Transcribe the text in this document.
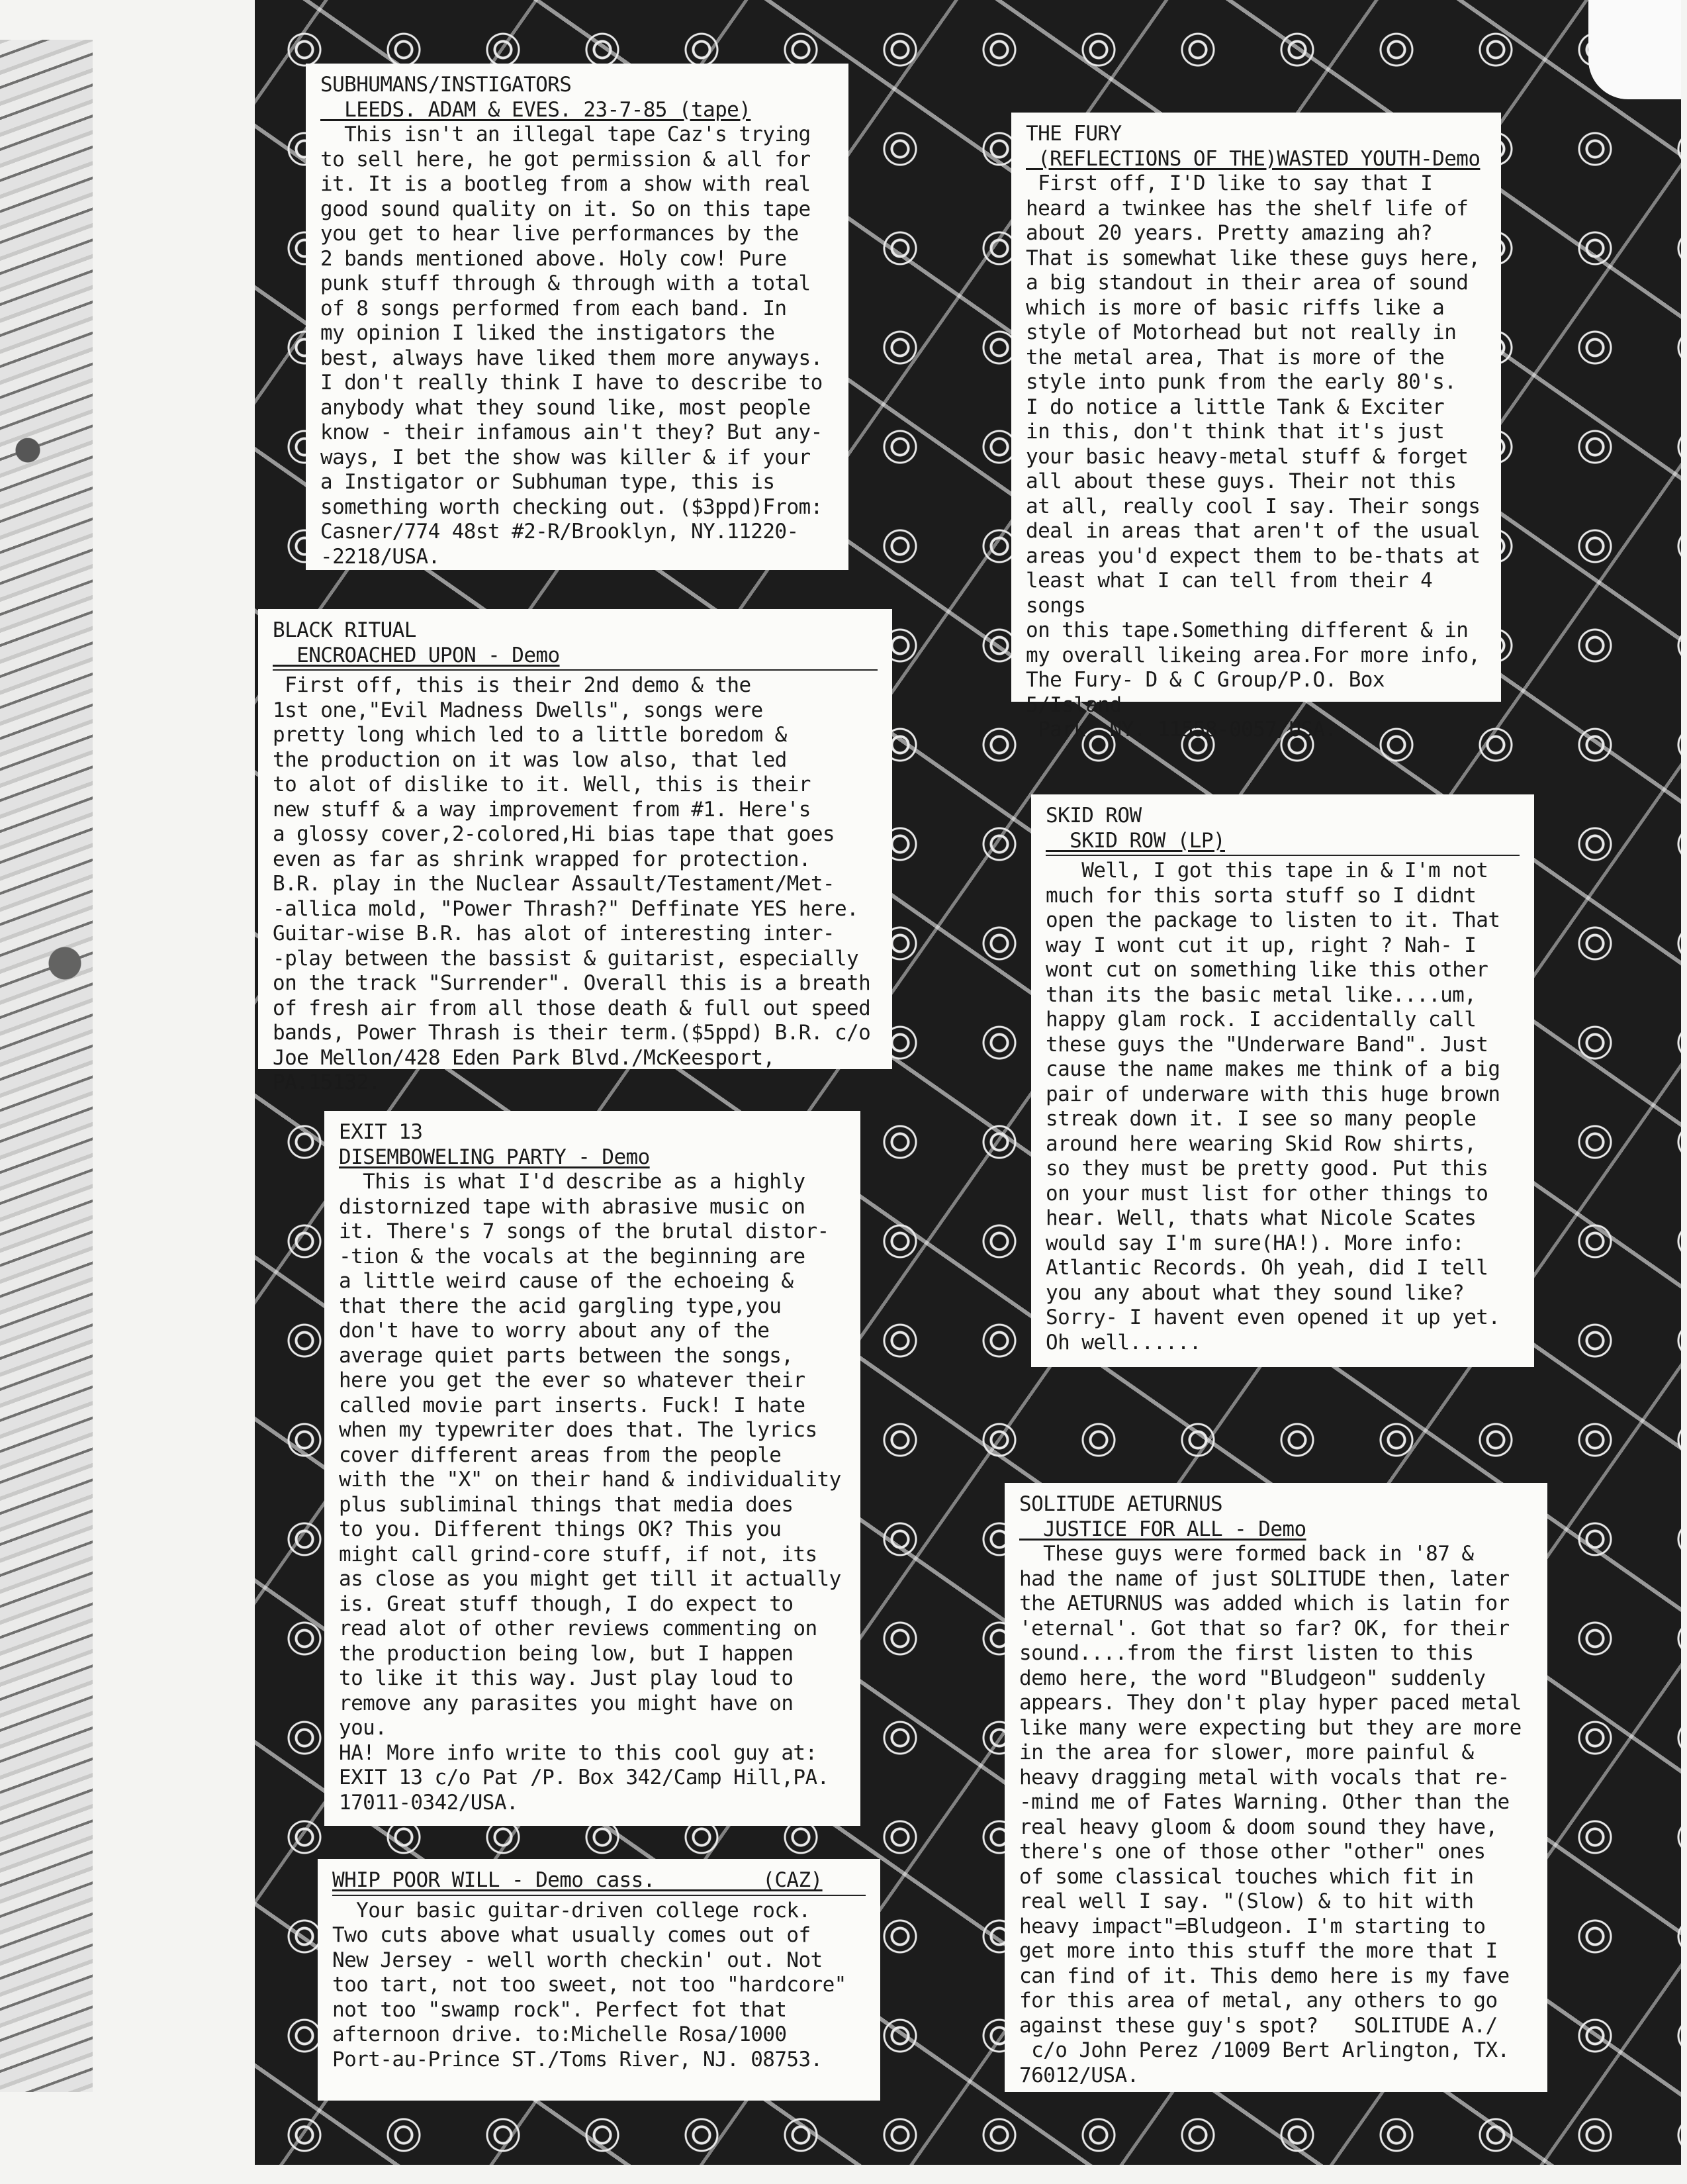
SUBHUMANS/INSTIGATORS

LEEDS. ADAM & EVES. 23-7-85 (tape)

This isn't an illegal tape Caz's trying
to sell here, he got permission & all for
it. It is a bootleg from a show with real
good sound quality on it. So on this tape
you get to hear live performances by the
2 bands mentioned above. Holy cow! Pure
punk stuff through & through with a total
of 8 songs performed from each band. In
my opinion I liked the instigators the
best, always have liked them more anyways.
I don't really think I have to describe to
anybody what they sound like, most people
know - their infamous ain't they? But any-
ways, I bet the show was killer & if your
a Instigator or Subhuman type, this is
something worth checking out. ($3ppd)From:
Casner/774 48st #2-R/Brooklyn, NY.11220-
-2218/USA.

THE FURY

(REFLECTIONS OF THE)WASTED YOUTH-Demo

First off, I'D like to say that I
heard a twinkee has the shelf life of
about 20 years. Pretty amazing ah?
That is somewhat like these guys here,
a big standout in their area of sound
which is more of basic riffs like a
style of Motorhead but not really in
the metal area, That is more of the
style into punk from the early 80's.
I do notice a little Tank & Exciter
in this, don't think that it's just
your basic heavy-metal stuff & forget
all about these guys. Their not this
at all, really cool I say. Their songs
deal in areas that aren't of the usual
areas you'd expect them to be-thats at
least what I can tell from their 4 songs
on this tape.Something different & in
my overall likeing area.For more info,
The Fury- D & C Group/P.O. Box 5/Island
Park, NY. 11558-0057/USA.

BLACK RITUAL

ENCROACHED UPON - Demo

First off, this is their 2nd demo & the
1st one,"Evil Madness Dwells", songs were
pretty long which led to a little boredom &
the production on it was low also, that led
to alot of dislike to it. Well, this is their
new stuff & a way improvement from #1. Here's
a glossy cover,2-colored,Hi bias tape that goes
even as far as shrink wrapped for protection.
B.R. play in the Nuclear Assault/Testament/Met-
-allica mold, "Power Thrash?" Deffinate YES here.
Guitar-wise B.R. has alot of interesting inter-
-play between the bassist & guitarist, especially
on the track "Surrender". Overall this is a breath
of fresh air from all those death & full out speed
bands, Power Thrash is their term.($5ppd) B.R. c/o
Joe Mellon/428 Eden Park Blvd./McKeesport, PA.15132.

SKID ROW

SKID ROW (LP)

Well, I got this tape in & I'm not
much for this sorta stuff so I didnt
open the package to listen to it. That
way I wont cut it up, right ? Nah- I
wont cut on something like this other
than its the basic metal like....um,
happy glam rock. I accidentally call
these guys the "Underware Band". Just
cause the name makes me think of a big
pair of underware with this huge brown
streak down it. I see so many people
around here wearing Skid Row shirts,
so they must be pretty good. Put this
on your must list for other things to
hear. Well, thats what Nicole Scates
would say I'm sure(HA!). More info:
Atlantic Records. Oh yeah, did I tell
you any about what they sound like?
Sorry- I havent even opened it up yet.
Oh well......

EXIT 13

DISEMBOWELING PARTY - Demo

This is what I'd describe as a highly
distornized tape with abrasive music on
it. There's 7 songs of the brutal distor-
-tion & the vocals at the beginning are
a little weird cause of the echoeing &
that there the acid gargling type,you
don't have to worry about any of the
average quiet parts between the songs,
here you get the ever so whatever their
called movie part inserts. Fuck! I hate
when my typewriter does that. The lyrics
cover different areas from the people
with the "X" on their hand & individuality
plus subliminal things that media does
to you. Different things OK? This you
might call grind-core stuff, if not, its
as close as you might get till it actually
is. Great stuff though, I do expect to
read alot of other reviews commenting on
the production being low, but I happen
to like it this way. Just play loud to
remove any parasites you might have on you.
HA! More info write to this cool guy at:
EXIT 13 c/o Pat /P. Box 342/Camp Hill,PA.
17011-0342/USA.

SOLITUDE AETURNUS

JUSTICE FOR ALL - Demo

These guys were formed back in '87 &
had the name of just SOLITUDE then, later
the AETURNUS was added which is latin for
'eternal'. Got that so far? OK, for their
sound....from the first listen to this
demo here, the word "Bludgeon" suddenly
appears. They don't play hyper paced metal
like many were expecting but they are more
in the area for slower, more painful &
heavy dragging metal with vocals that re-
-mind me of Fates Warning. Other than the
real heavy gloom & doom sound they have,
there's one of those other "other" ones
of some classical touches which fit in
real well I say. "(Slow) & to hit with
heavy impact"=Bludgeon. I'm starting to
get more into this stuff the more that I
can find of it. This demo here is my fave
for this area of metal, any others to go
against these guy's spot?   SOLITUDE A./
c/o John Perez /1009 Bert Arlington, TX.
76012/USA.

WHIP POOR WILL - Demo cass.         (CAZ)

Your basic guitar-driven college rock.
Two cuts above what usually comes out of
New Jersey - well worth checkin' out. Not
too tart, not too sweet, not too "hardcore"
not too "swamp rock". Perfect fot that
afternoon drive. to:Michelle Rosa/1000
Port-au-Prince ST./Toms River, NJ. 08753.
